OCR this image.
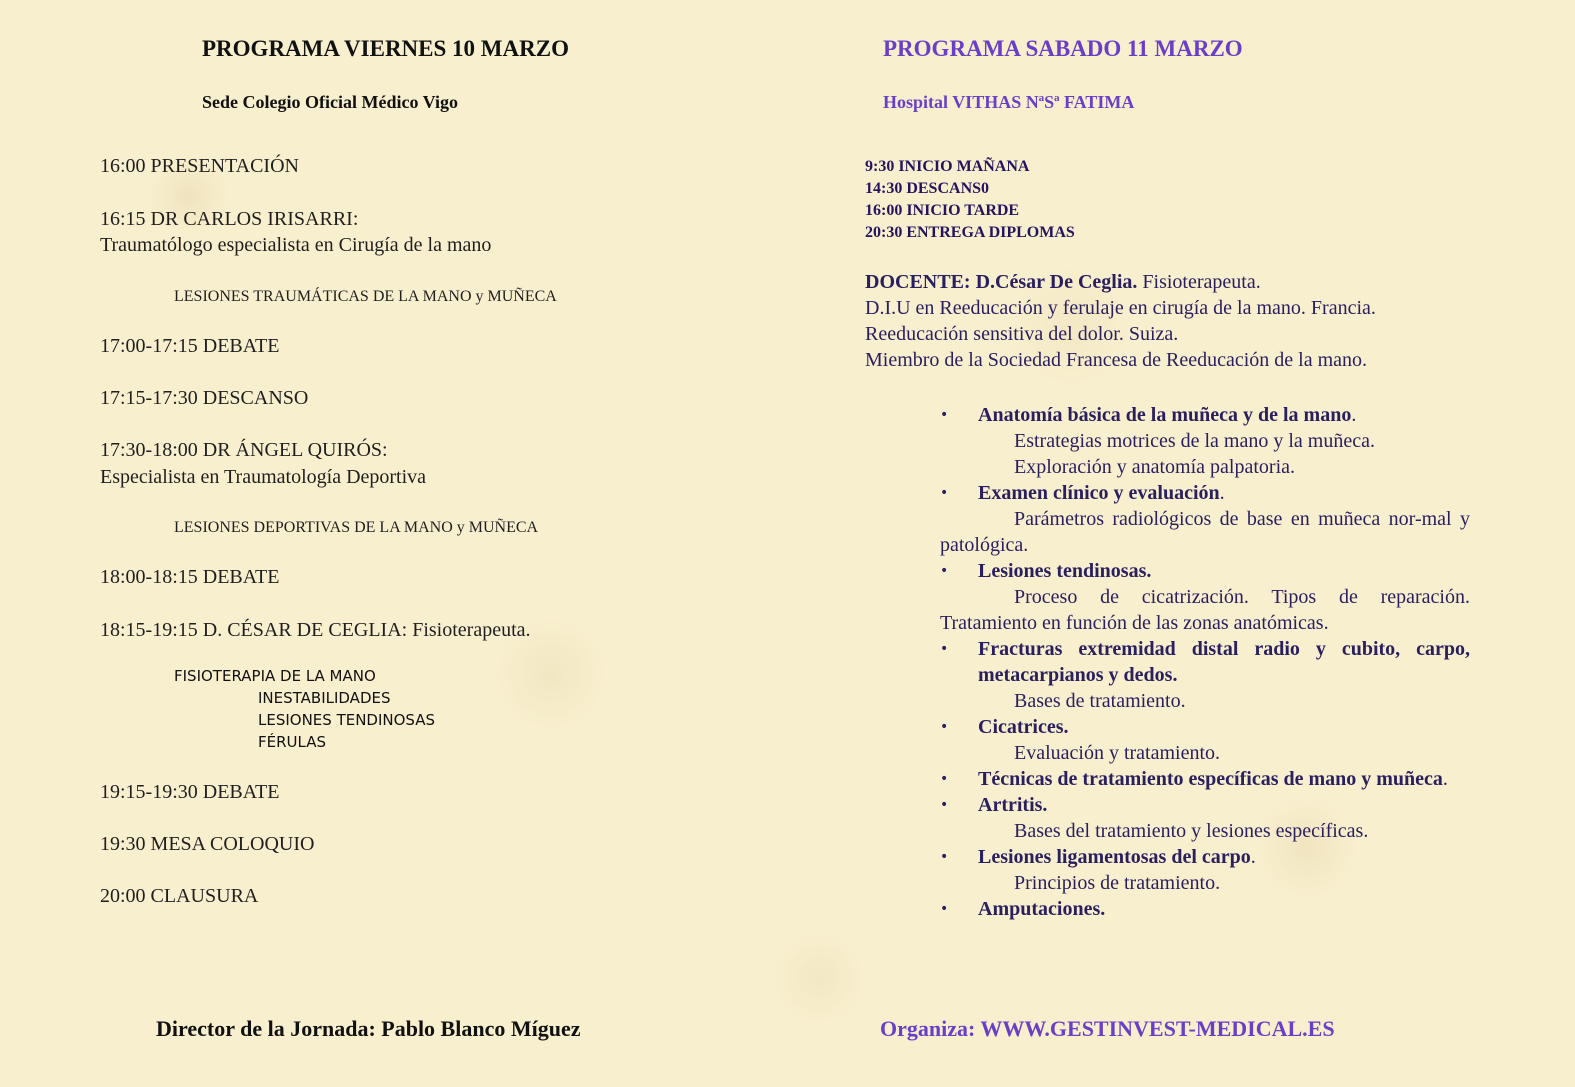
PROGRAMA VIERNES 10 MARZO
Sede Colegio Oficial Médico Vigo
16:00 PRESENTACIÓN
16:15 DR CARLOS IRISARRI:
Traumatólogo especialista en Cirugía de la mano
LESIONES TRAUMÁTICAS DE LA MANO y MUÑECA
17:00-17:15 DEBATE
17:15-17:30 DESCANSO
17:30-18:00 DR ÁNGEL QUIRÓS:
Especialista en Traumatología Deportiva
LESIONES DEPORTIVAS DE LA MANO y MUÑECA
18:00-18:15 DEBATE
18:15-19:15 D. CÉSAR DE CEGLIA: Fisioterapeuta.
FISIOTERAPIA DE LA MANO
INESTABILIDADES
LESIONES TENDINOSAS
FÉRULAS
19:15-19:30 DEBATE
19:30 MESA COLOQUIO
20:00 CLAUSURA
Director de la Jornada: Pablo Blanco Míguez
PROGRAMA SABADO 11 MARZO
Hospital VITHAS NªSª FATIMA
9:30 INICIO MAÑANA
14:30 DESCANS0
16:00 INICIO TARDE
20:30 ENTREGA DIPLOMAS
DOCENTE: D.César De Ceglia. Fisioterapeuta.
D.I.U en Reeducación y ferulaje en cirugía de la mano. Francia.
Reeducación sensitiva del dolor. Suiza.
Miembro de la Sociedad Francesa de Reeducación de la mano.
•	Anatomía básica de la muñeca y de la mano.
Estrategias motrices de la mano y la muñeca.
Exploración y anatomía palpatoria.
•	Examen clínico y evaluación.
Parámetros radiológicos de base en muñeca nor-mal y patológica.
•	Lesiones tendinosas.
Proceso de cicatrización. Tipos de reparación. Tratamiento en función de las zonas anatómicas.
•	Fracturas extremidad distal radio y cubito, carpo, metacarpianos y dedos.
Bases de tratamiento.
•	Cicatrices.
Evaluación y tratamiento.
•	Técnicas de tratamiento específicas de mano y muñeca.
•	Artritis.
Bases del tratamiento y lesiones específicas.
•	Lesiones ligamentosas del carpo.
Principios de tratamiento.
•	Amputaciones.
Organiza: WWW.GESTINVEST-MEDICAL.ES
